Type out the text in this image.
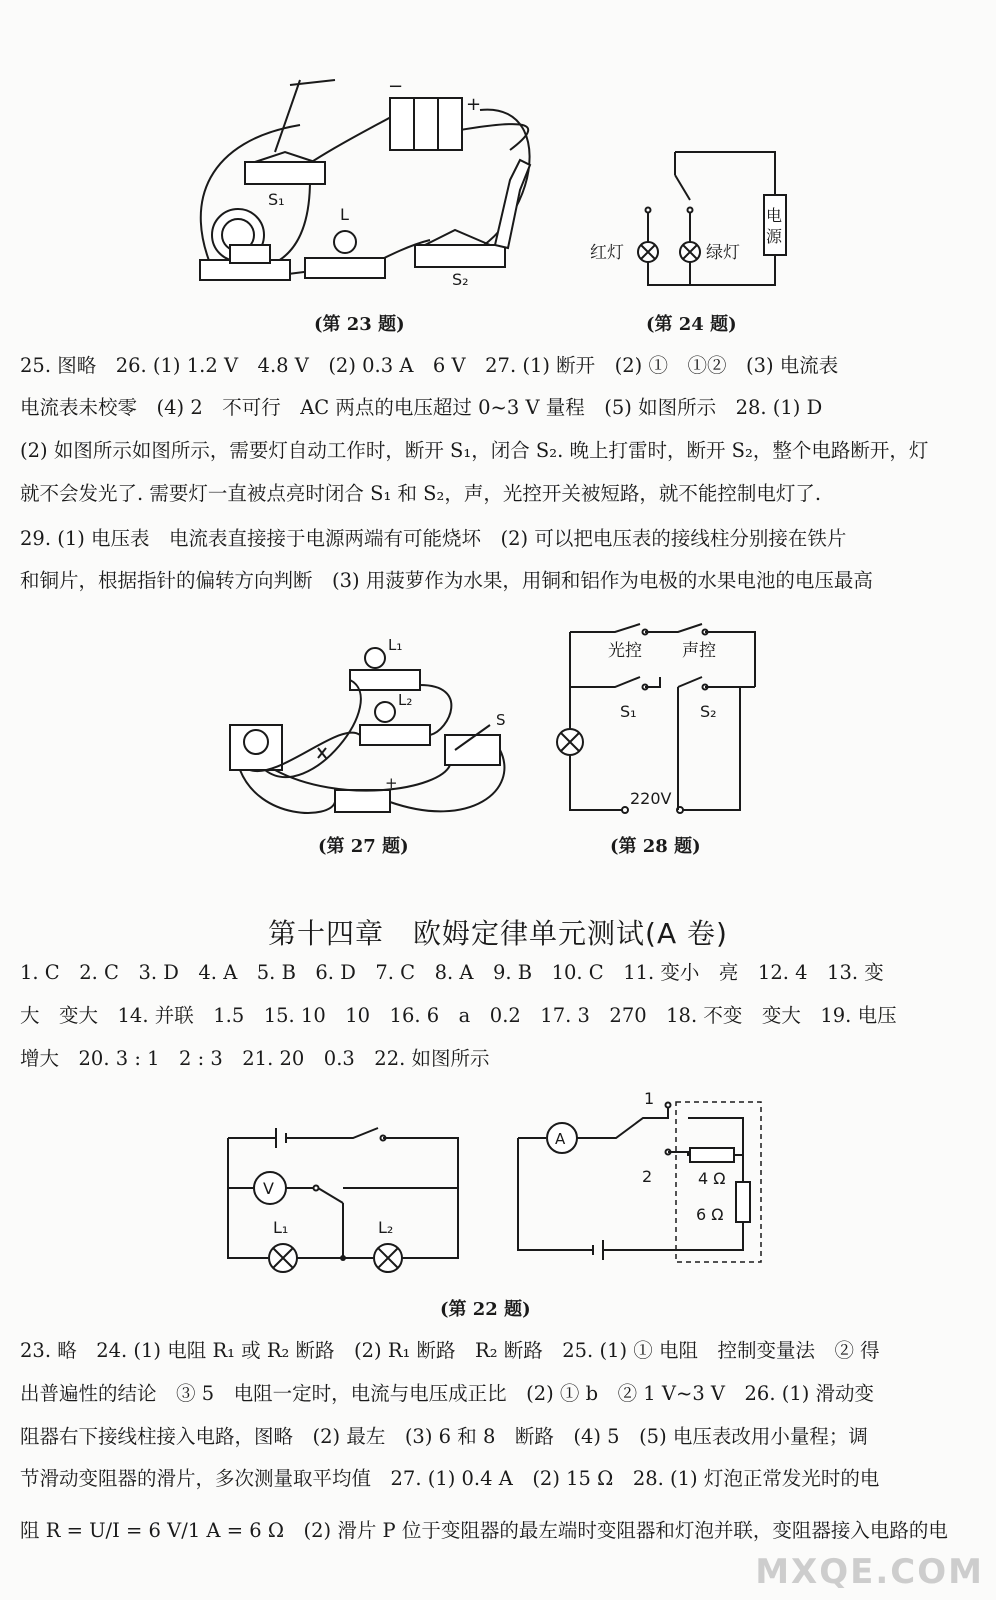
S₁
L
−
+
S₂
(第 23 题)
电
源
红灯	绿灯
(第 24 题)
25. 图略　26. (1) 1.2 V　4.8 V　(2) 0.3 A　6 V　27. (1) 断开　(2) ①　①②　(3) 电流表
电流表未校零　(4) 2　不可行　AC 两点的电压超过 0~3 V 量程　(5) 如图所示　28. (1) D
(2) 如图所示如图所示，需要灯自动工作时，断开 S₁，闭合 S₂. 晚上打雷时，断开 S₂，整个电路断开，灯
就不会发光了. 需要灯一直被点亮时闭合 S₁ 和 S₂，声，光控开关被短路，就不能控制电灯了.
29. (1) 电压表　电流表直接接于电源两端有可能烧坏　(2) 可以把电压表的接线柱分别接在铁片
和铜片，根据指针的偏转方向判断　(3) 用菠萝作为水果，用铜和铝作为电极的水果电池的电压最高
L₁
L₂
S
+
(第 27 题)
光控 声控
S₁	S₂
220V
(第 28 题)
第十四章　欧姆定律单元测试(A 卷)
1. C　2. C　3. D　4. A　5. B　6. D　7. C　8. A　9. B　10. C　11. 变小　亮　12. 4　13. 变
大　变大　14. 并联　1.5　15. 10　10　16. 6　a　0.2　17. 3　270　18. 不变　变大　19. 电压
增大　20. 3 : 1　2 : 3　21. 20　0.3　22. 如图所示
V
L₁	L₂
A
1
2	4 Ω
6 Ω
(第 22 题)
23. 略　24. (1) 电阻 R₁ 或 R₂ 断路　(2) R₁ 断路　R₂ 断路　25. (1) ① 电阻　控制变量法　② 得
出普遍性的结论　③ 5　电阻一定时，电流与电压成正比　(2) ① b　② 1 V~3 V　26. (1) 滑动变
阻器右下接线柱接入电路，图略　(2) 最左　(3) 6 和 8　断路　(4) 5　(5) 电压表改用小量程；调
节滑动变阻器的滑片，多次测量取平均值　27. (1) 0.4 A　(2) 15 Ω　28. (1) 灯泡正常发光时的电
阻 R = U/I = 6 V/1 A = 6 Ω　(2) 滑片 P 位于变阻器的最左端时变阻器和灯泡并联，变阻器接入电路的电
MXQE.COM
